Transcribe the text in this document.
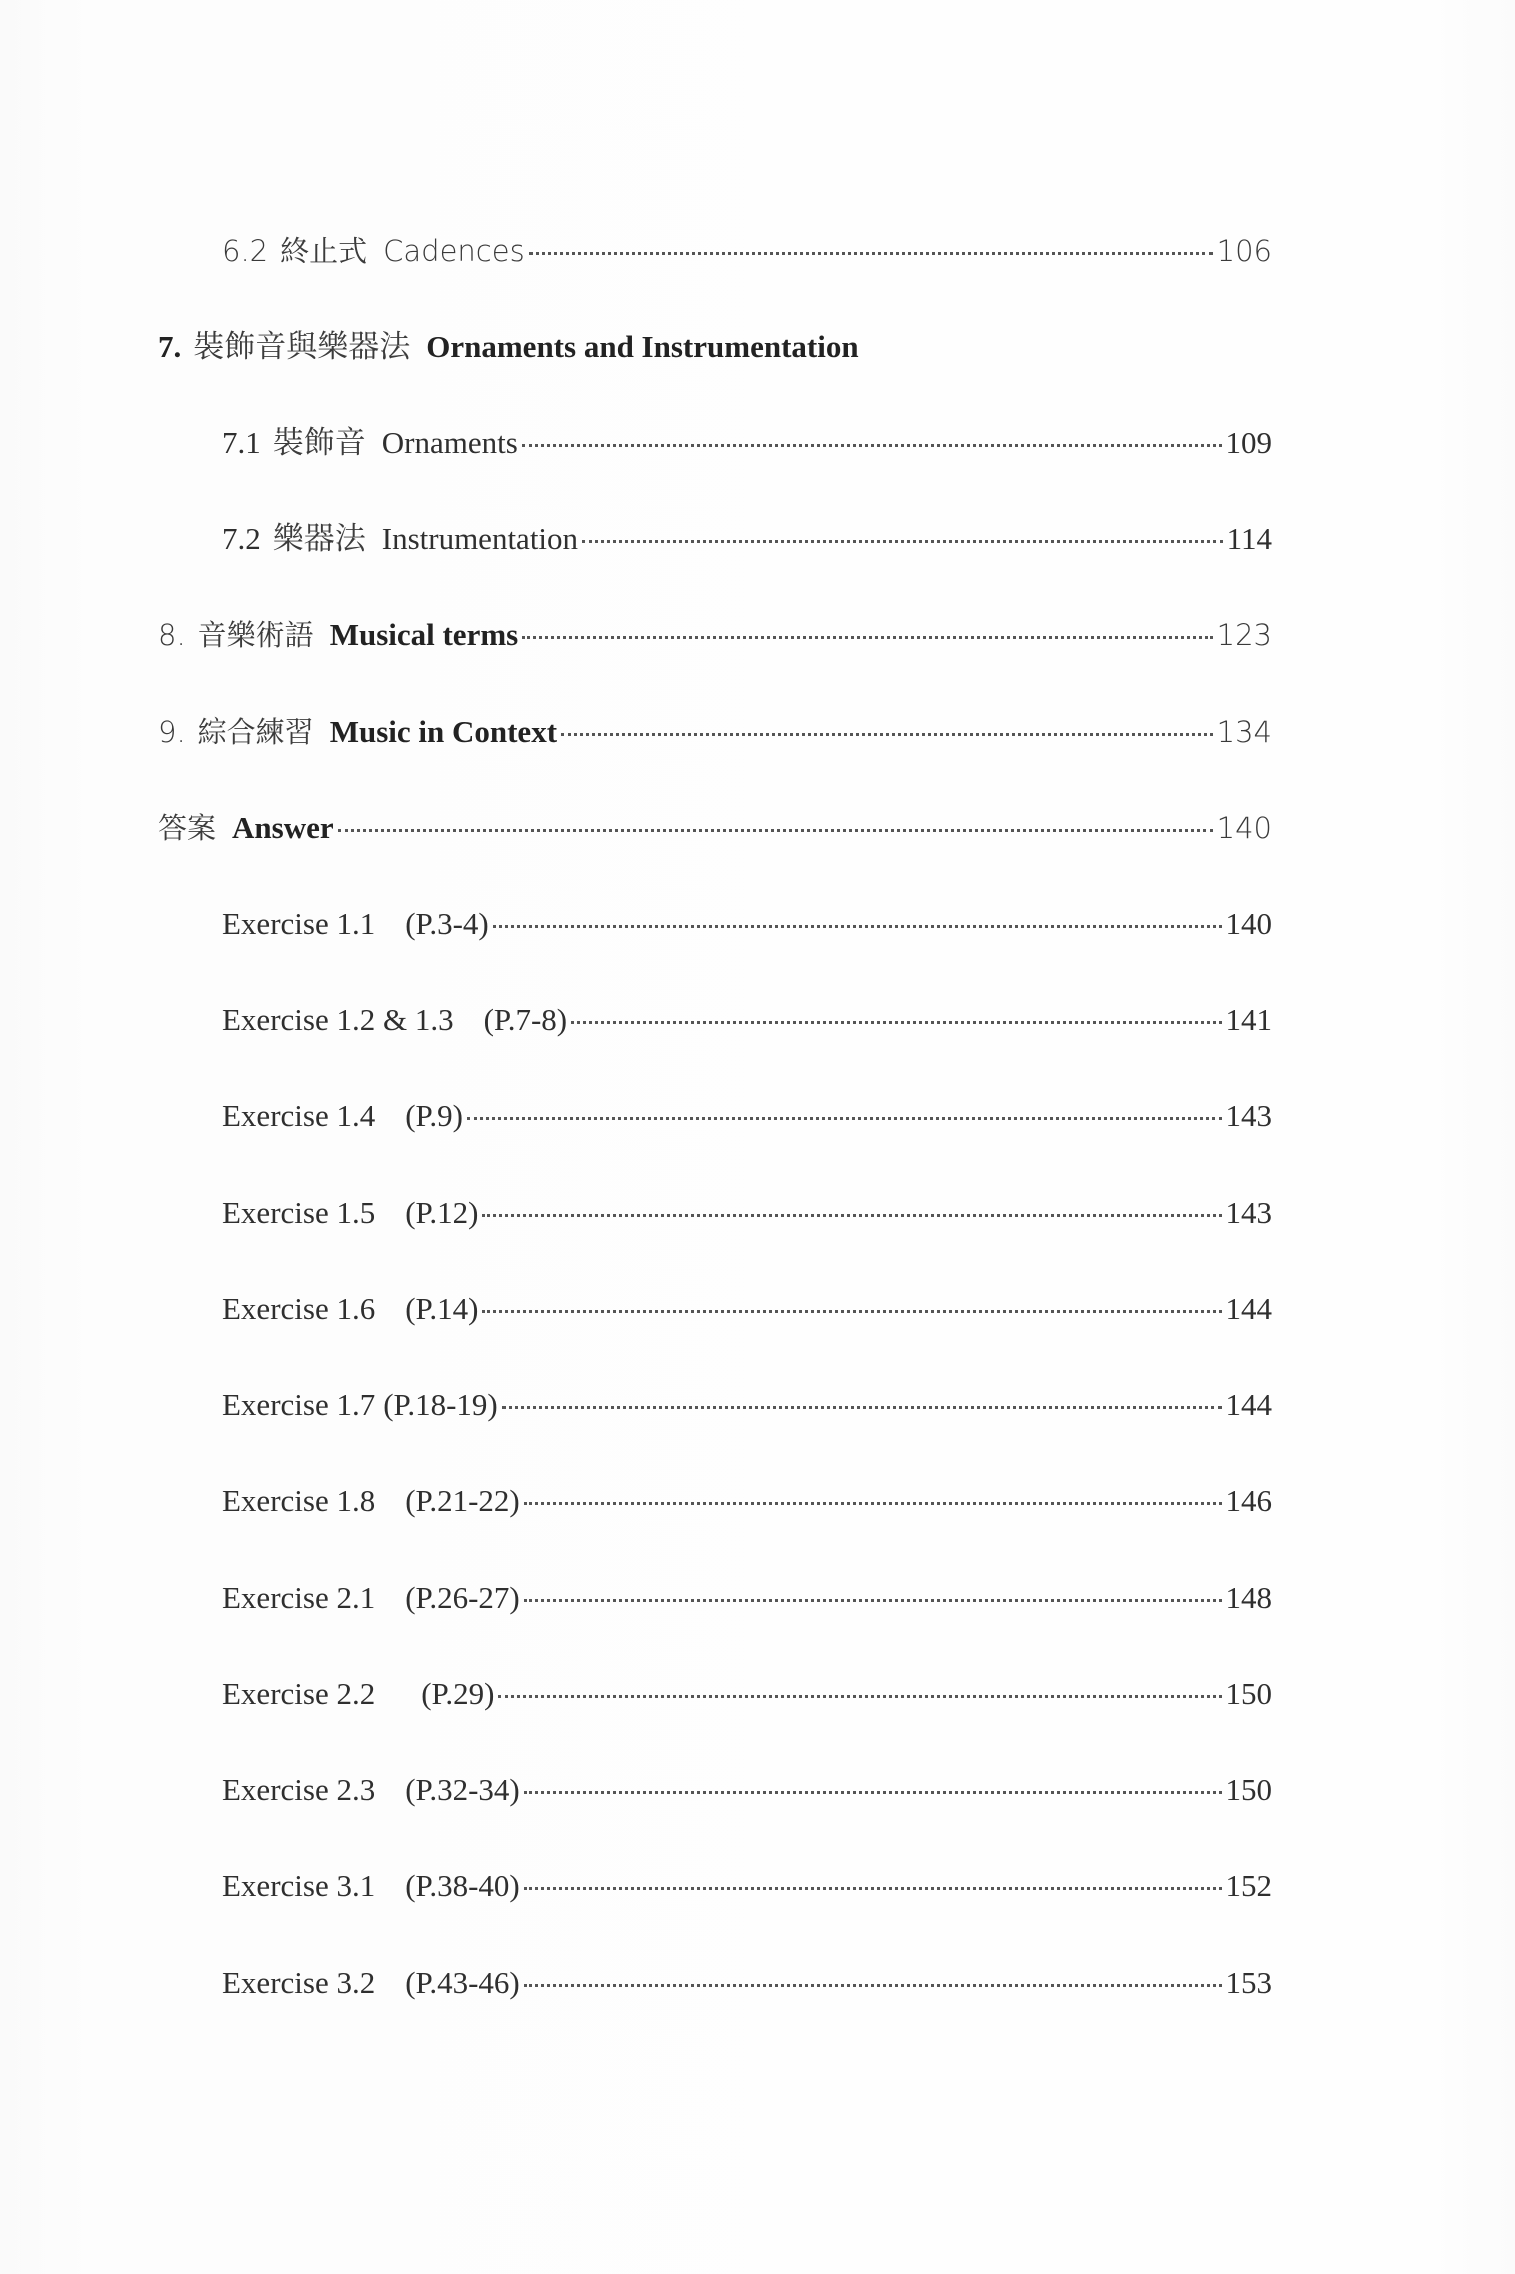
6.2 終止式 Cadences	106
7. 裝飾音與樂器法 Ornaments and Instrumentation
7.1 裝飾音 Ornaments	109
7.2 樂器法 Instrumentation	114
8. 音樂術語 Musical terms	123
9. 綜合練習 Music in Context	134
答案 Answer	140
Exercise 1.1 (P.3-4)	140
Exercise 1.2 & 1.3 (P.7-8)	141
Exercise 1.4 (P.9)	143
Exercise 1.5 (P.12)	143
Exercise 1.6 (P.14)	144
Exercise 1.7 (P.18-19)	144
Exercise 1.8 (P.21-22)	146
Exercise 2.1 (P.26-27)	148
Exercise 2.2 (P.29)	150
Exercise 2.3 (P.32-34)	150
Exercise 3.1 (P.38-40)	152
Exercise 3.2 (P.43-46)	153
